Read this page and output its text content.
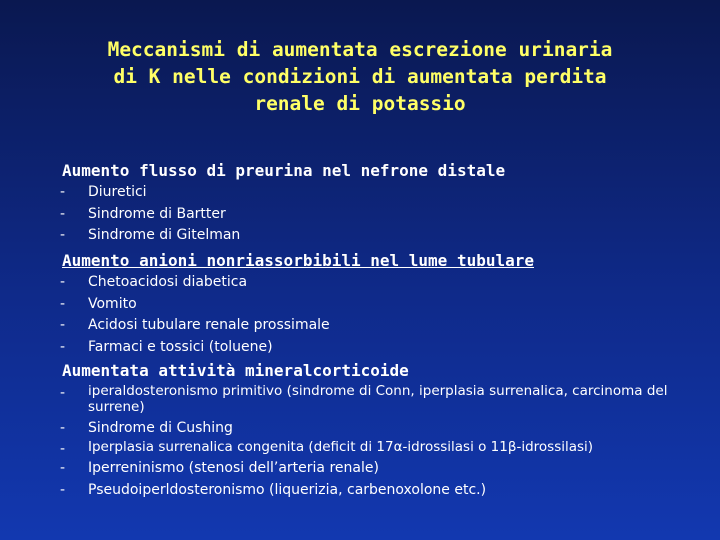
Meccanismi di aumentata escrezione urinaria
di K nelle condizioni di aumentata perdita
renale di potassio
Aumento flusso di preurina nel nefrone distale
- Diuretici
- Sindrome di Bartter
- Sindrome di Gitelman
Aumento anioni nonriassorbibili nel lume tubulare
- Chetoacidosi diabetica
- Vomito
- Acidosi tubulare renale prossimale
- Farmaci e tossici (toluene)
Aumentata attività mineralcorticoide
- iperaldosteronismo primitivo (sindrome di Conn, iperplasia surrenalica, carcinoma del surrene)
- Sindrome di Cushing
- Iperplasia surrenalica congenita (deficit di 17α-idrossilasi o 11β-idrossilasi)
- Iperreninismo (stenosi dell’arteria renale)
- Pseudoiperldosteronismo (liquerizia, carbenoxolone etc.)
